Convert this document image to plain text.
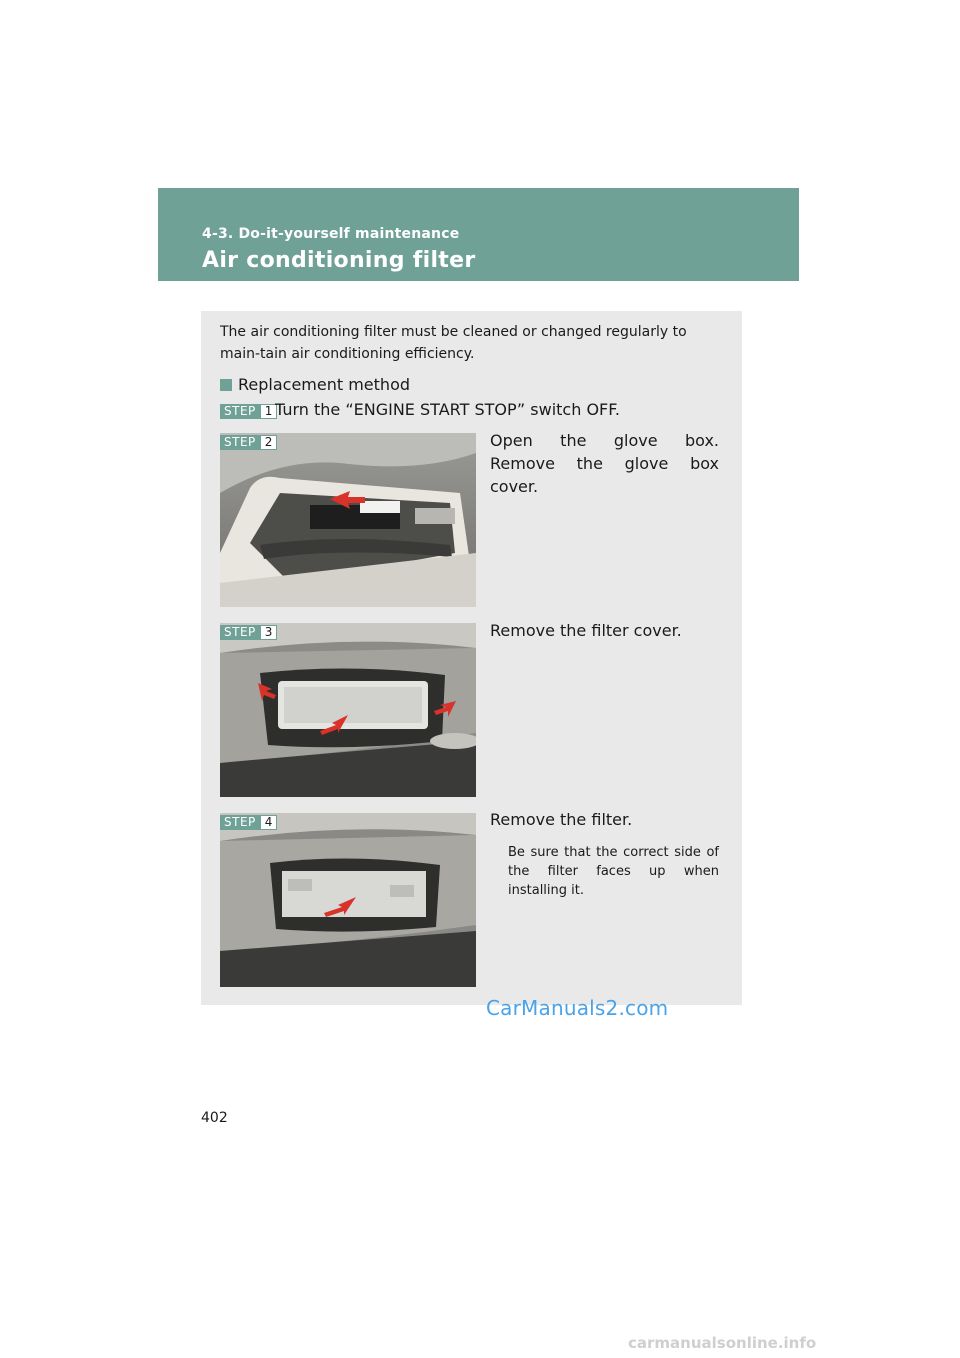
4-3. Do-it-yourself maintenance
Air conditioning filter
The air conditioning filter must be cleaned or changed regularly to main-tain air conditioning efficiency.
Replacement method
STEP 1 Turn the “ENGINE START STOP” switch OFF.
STEP 2	Open the glove box. Remove the glove box cover.
STEP 3	Remove the filter cover.
STEP 4	Remove the filter.
Be sure that the correct side of the filter faces up when installing it.
CarManuals2.com
402
carmanualsonline.info
